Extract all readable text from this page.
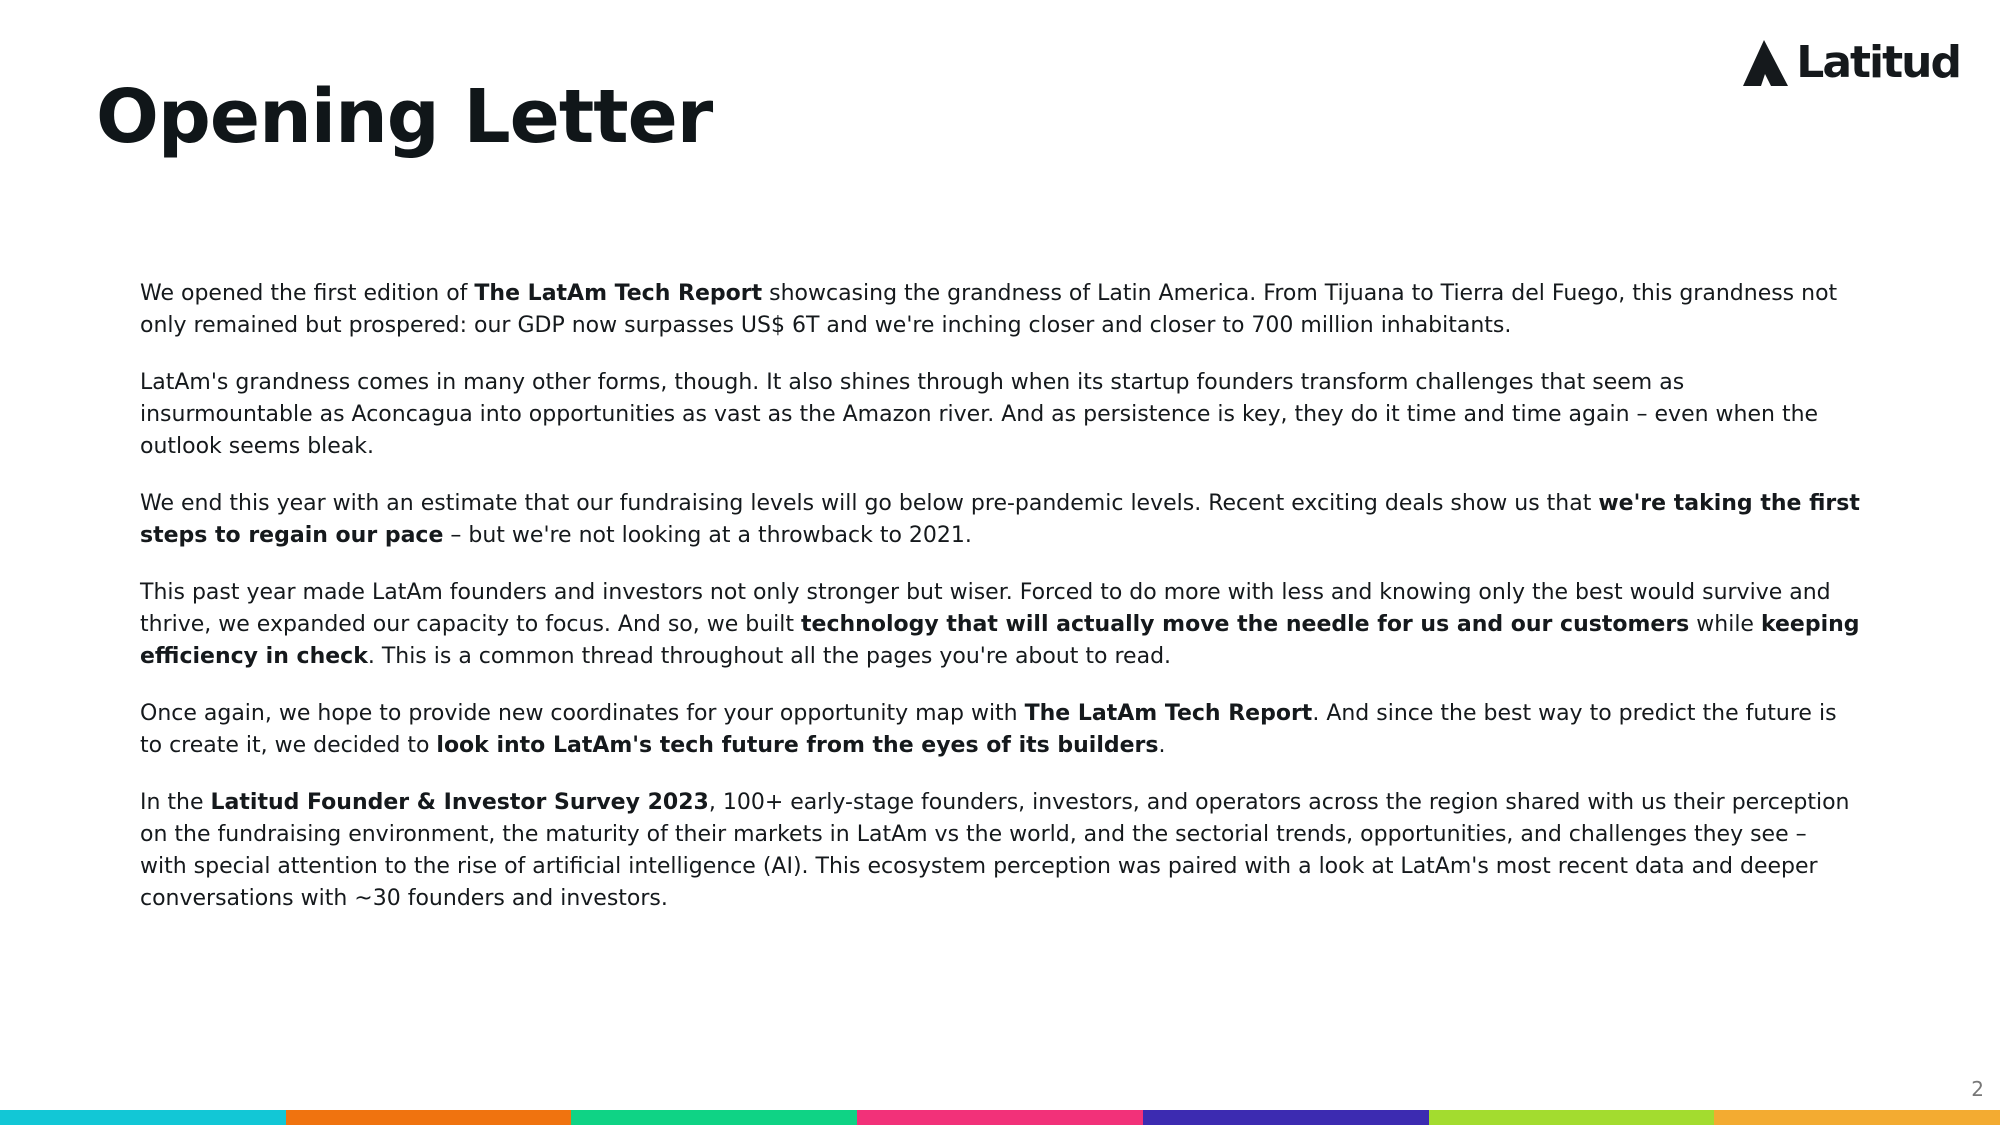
Latitud
Opening Letter

We opened the first edition of The LatAm Tech Report showcasing the grandness of Latin America. From Tijuana to Tierra del Fuego, this grandness not only remained but prospered: our GDP now surpasses US$ 6T and we're inching closer and closer to 700 million inhabitants.

LatAm's grandness comes in many other forms, though. It also shines through when its startup founders transform challenges that seem as insurmountable as Aconcagua into opportunities as vast as the Amazon river. And as persistence is key, they do it time and time again – even when the outlook seems bleak.

We end this year with an estimate that our fundraising levels will go below pre-pandemic levels. Recent exciting deals show us that we're taking the first steps to regain our pace – but we're not looking at a throwback to 2021.

This past year made LatAm founders and investors not only stronger but wiser. Forced to do more with less and knowing only the best would survive and thrive, we expanded our capacity to focus. And so, we built technology that will actually move the needle for us and our customers while keeping efficiency in check. This is a common thread throughout all the pages you're about to read.

Once again, we hope to provide new coordinates for your opportunity map with The LatAm Tech Report. And since the best way to predict the future is to create it, we decided to look into LatAm's tech future from the eyes of its builders.

In the Latitud Founder & Investor Survey 2023, 100+ early-stage founders, investors, and operators across the region shared with us their perception on the fundraising environment, the maturity of their markets in LatAm vs the world, and the sectorial trends, opportunities, and challenges they see – with special attention to the rise of artificial intelligence (AI). This ecosystem perception was paired with a look at LatAm's most recent data and deeper conversations with ~30 founders and investors.

2
